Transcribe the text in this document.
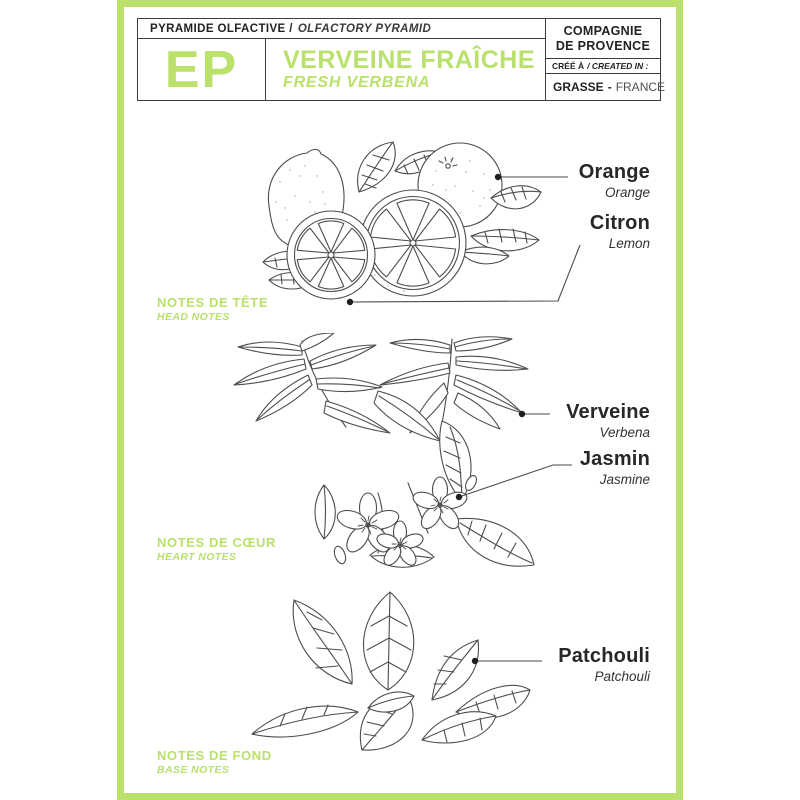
PYRAMIDE OLFACTIVE / OLFACTORY PYRAMID
EP VERVEINE FRAÎCHE
FRESH VERBENA
COMPAGNIE
DE PROVENCE
CRÉÉ À / CREATED IN :
GRASSE - FRANCE
Orange
Orange
Citron
Lemon
Verveine
Verbena
Jasmin
Jasmine
Patchouli
Patchouli
NOTES DE TÊTE
HEAD NOTES
NOTES DE CŒUR
HEART NOTES
NOTES DE FOND
BASE NOTES
